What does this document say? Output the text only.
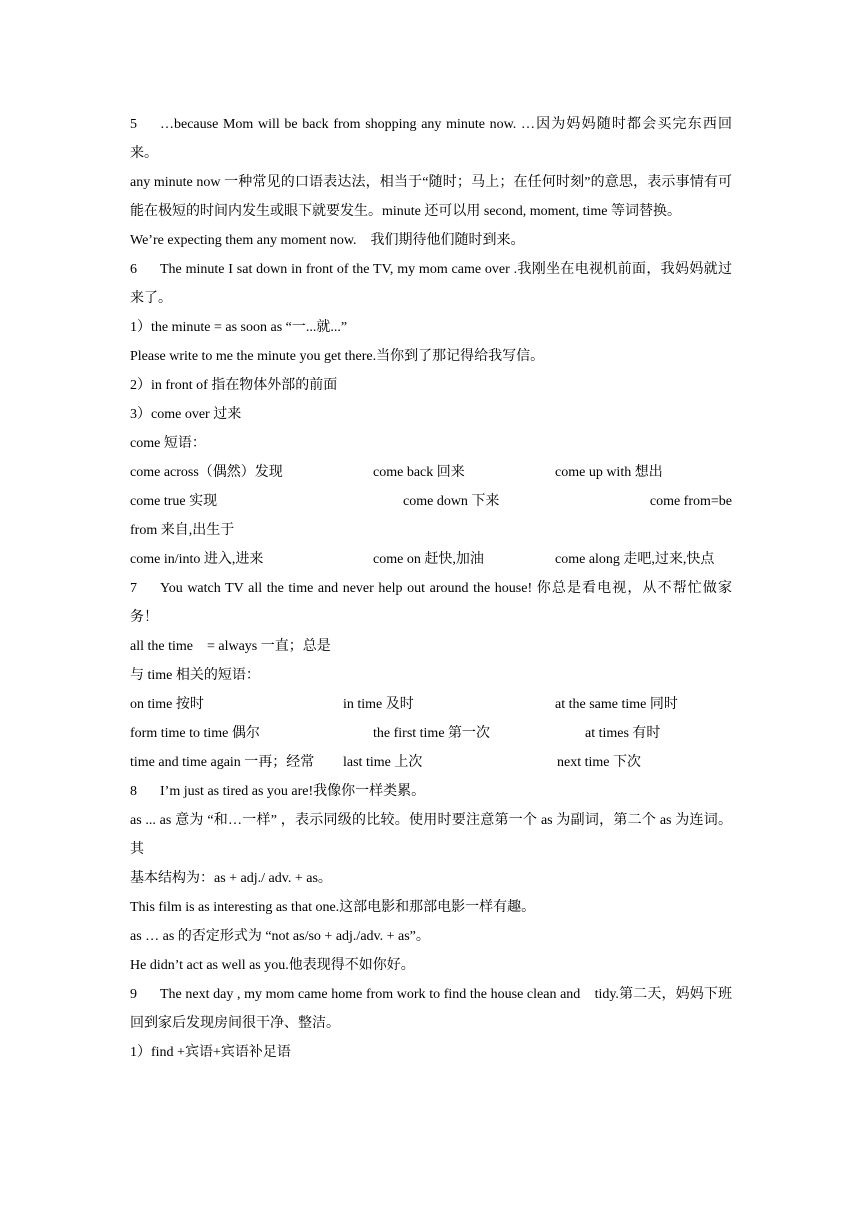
5 …because Mom will be back from shopping any minute now. …因为妈妈随时都会买完东西回来。

any minute now 一种常见的口语表达法，相当于“随时；马上；在任何时刻”的意思，表示事情有可能在极短的时间内发生或眼下就要发生。minute 还可以用 second, moment, time 等词替换。

We’re expecting them any moment now.　我们期待他们随时到来。

6 The minute I sat down in front of the TV, my mom came over .我刚坐在电视机前面，我妈妈就过来了。

1）the minute = as soon as “一...就...”

Please write to me the minute you get there.当你到了那记得给我写信。

2）in front of 指在物体外部的前面

3）come over 过来

come 短语：

come across（偶然）发现	come back 回来	come up with 想出
come true 实现	come down 下来	come from=be

from 来自,出生于

come in/into 进入,进来	come on 赶快,加油	come along 走吧,过来,快点

7 You watch TV all the time and never help out around the house! 你总是看电视，从不帮忙做家务！

all the time　= always 一直；总是

与 time 相关的短语：

on time 按时	in time 及时	at the same time 同时
form time to time 偶尔	the first time 第一次	at times 有时
time and time again 一再；经常	last time 上次	next time 下次

8 I’m just as tired as you are!我像你一样类累。

as ... as 意为 “和…一样” ，表示同级的比较。使用时要注意第一个 as 为副词，第二个 as 为连词。其

基本结构为：as + adj./ adv. + as。

This film is as interesting as that one.这部电影和那部电影一样有趣。

as … as 的否定形式为 “not as/so + adj./adv. + as”。

He didn’t act as well as you.他表现得不如你好。

9 The next day , my mom came home from work to find the house clean and　tidy.第二天，妈妈下班回到家后发现房间很干净、整洁。

1）find +宾语+宾语补足语
